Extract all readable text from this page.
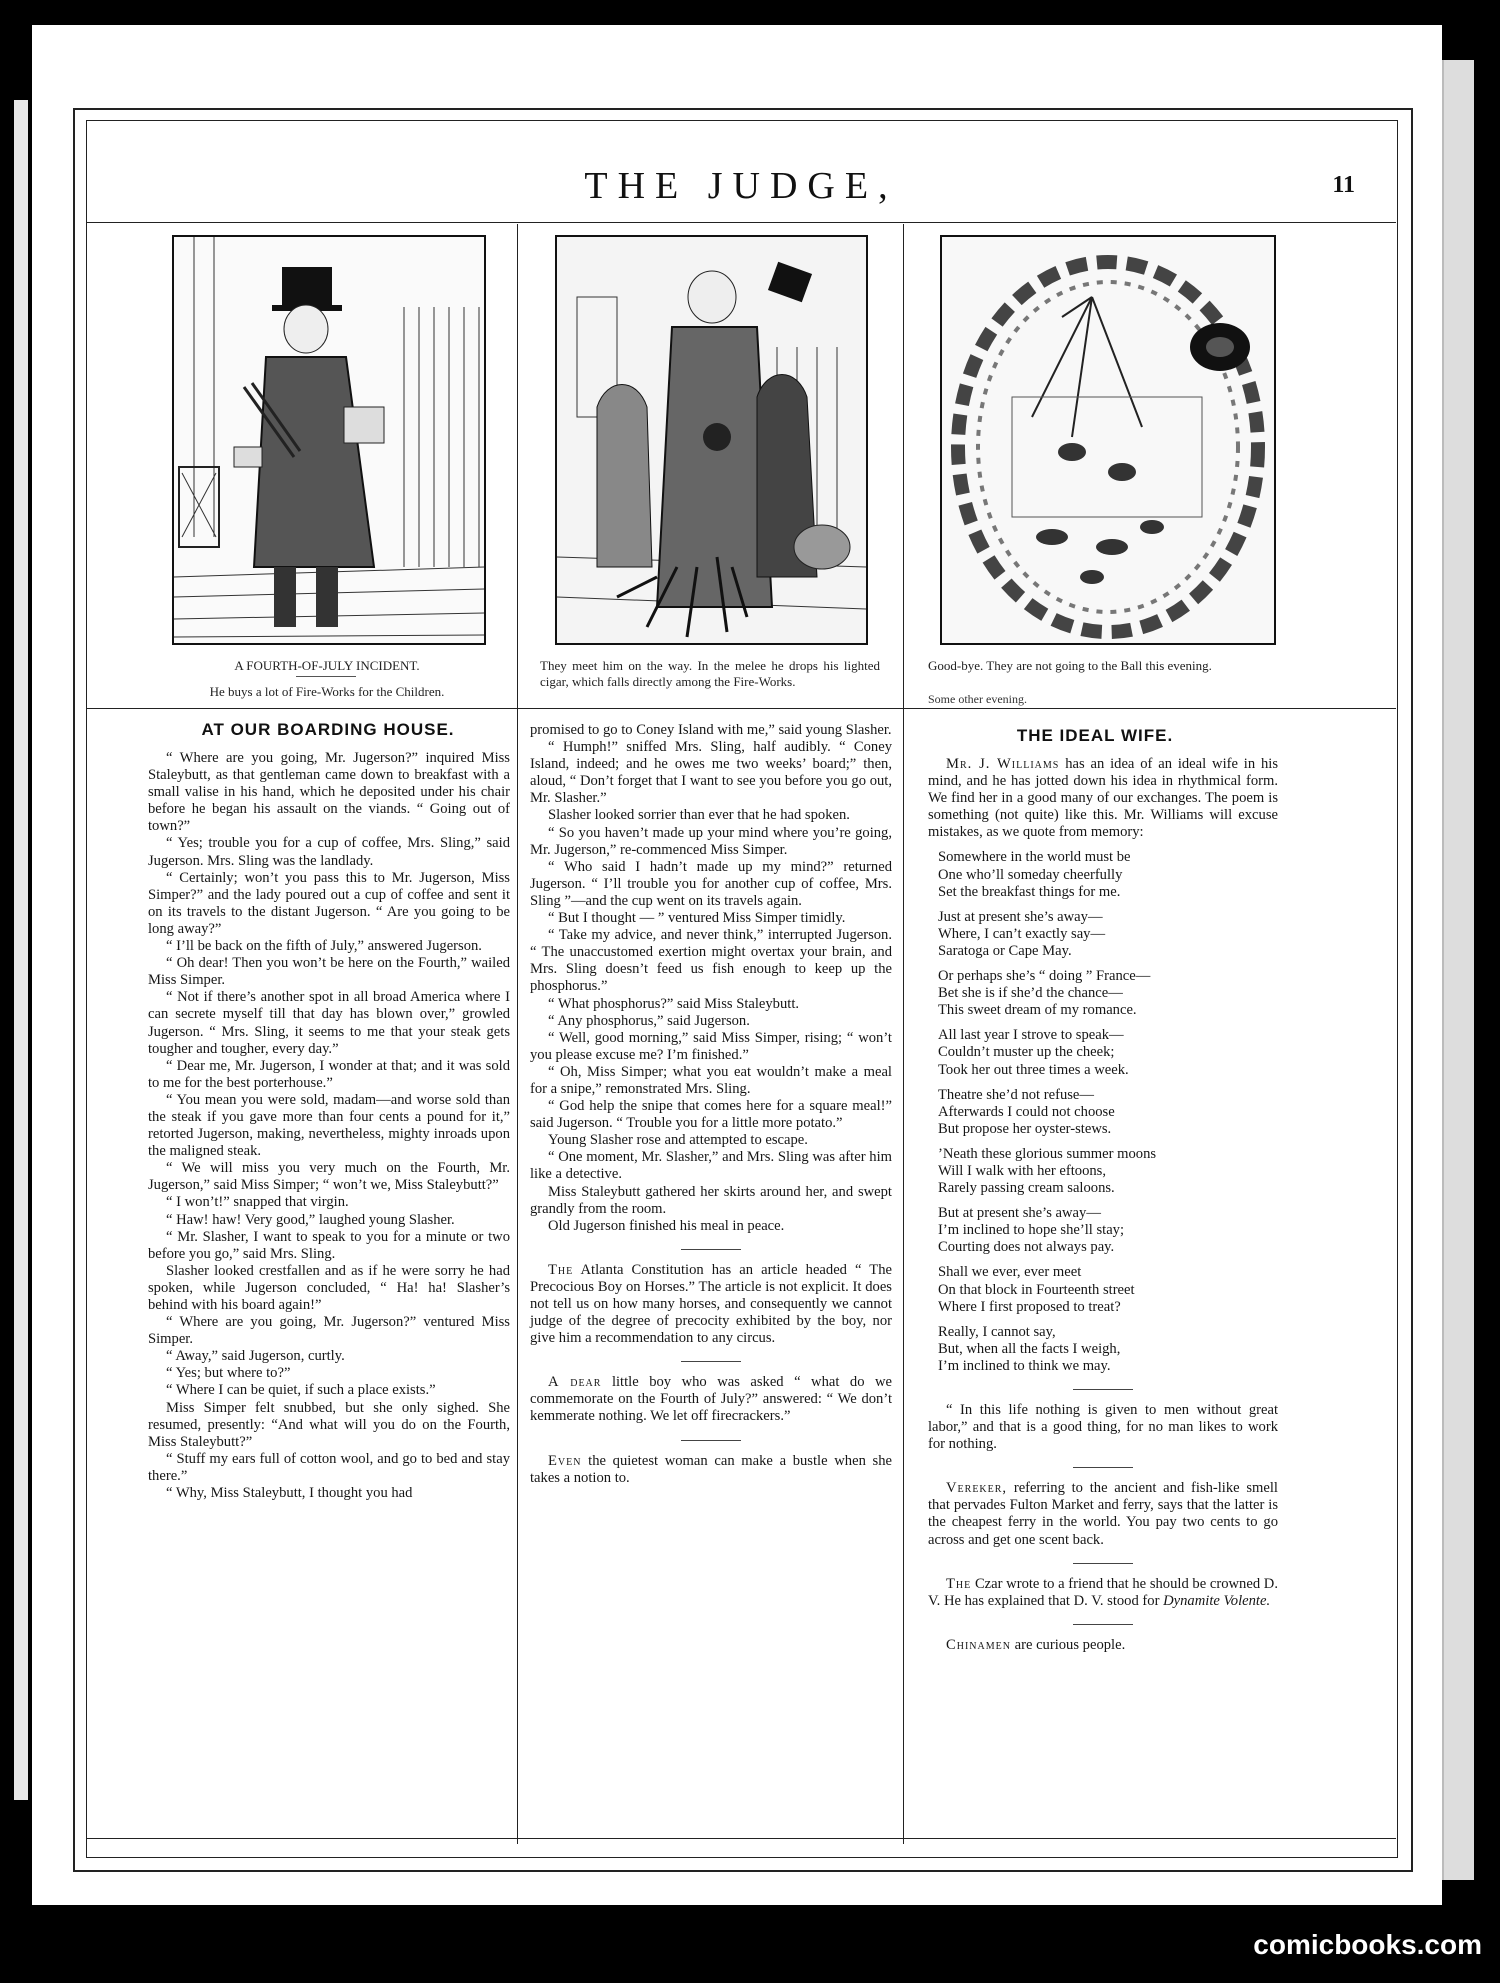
THE JUDGE,	11
A FOURTH-OF-JULY INCIDENT.
He buys a lot of Fire-Works for the Children.
They meet him on the way. In the melee he drops his lighted cigar, which falls directly among the Fire-Works.
Good-bye. They are not going to the Ball this evening.
Some other evening.
AT OUR BOARDING HOUSE.

“ Where are you going, Mr. Jugerson?” inquired Miss Staleybutt, as that gentleman came down to breakfast with a small valise in his hand, which he deposited under his chair before he began his assault on the viands. “ Going out of town?”

“ Yes; trouble you for a cup of coffee, Mrs. Sling,” said Jugerson. Mrs. Sling was the landlady.

“ Certainly; won’t you pass this to Mr. Jugerson, Miss Simper?” and the lady poured out a cup of coffee and sent it on its travels to the distant Jugerson. “ Are you going to be long away?”

“ I’ll be back on the fifth of July,” answered Jugerson.

“ Oh dear! Then you won’t be here on the Fourth,” wailed Miss Simper.

“ Not if there’s another spot in all broad America where I can secrete myself till that day has blown over,” growled Jugerson. “ Mrs. Sling, it seems to me that your steak gets tougher and tougher, every day.”

“ Dear me, Mr. Jugerson, I wonder at that; and it was sold to me for the best porterhouse.”

“ You mean you were sold, madam—and worse sold than the steak if you gave more than four cents a pound for it,” retorted Jugerson, making, nevertheless, mighty inroads upon the maligned steak.

“ We will miss you very much on the Fourth, Mr. Jugerson,” said Miss Simper; “ won’t we, Miss Staleybutt?”

“ I won’t!” snapped that virgin.

“ Haw! haw! Very good,” laughed young Slasher.

“ Mr. Slasher, I want to speak to you for a minute or two before you go,” said Mrs. Sling.

Slasher looked crestfallen and as if he were sorry he had spoken, while Jugerson concluded, “ Ha! ha! Slasher’s behind with his board again!”

“ Where are you going, Mr. Jugerson?” ventured Miss Simper.

“ Away,” said Jugerson, curtly.

“ Yes; but where to?”

“ Where I can be quiet, if such a place exists.”

Miss Simper felt snubbed, but she only sighed. She resumed, presently: “And what will you do on the Fourth, Miss Staleybutt?”

“ Stuff my ears full of cotton wool, and go to bed and stay there.”

“ Why, Miss Staleybutt, I thought you had

promised to go to Coney Island with me,” said young Slasher.

“ Humph!” sniffed Mrs. Sling, half audibly. “ Coney Island, indeed; and he owes me two weeks’ board;” then, aloud, “ Don’t forget that I want to see you before you go out, Mr. Slasher.”

Slasher looked sorrier than ever that he had spoken.

“ So you haven’t made up your mind where you’re going, Mr. Jugerson,” re-commenced Miss Simper.

“ Who said I hadn’t made up my mind?” returned Jugerson. “ I’ll trouble you for another cup of coffee, Mrs. Sling ”—and the cup went on its travels again.

“ But I thought — ” ventured Miss Simper timidly.

“ Take my advice, and never think,” interrupted Jugerson. “ The unaccustomed exertion might overtax your brain, and Mrs. Sling doesn’t feed us fish enough to keep up the phosphorus.”

“ What phosphorus?” said Miss Staleybutt.

“ Any phosphorus,” said Jugerson.

“ Well, good morning,” said Miss Simper, rising; “ won’t you please excuse me? I’m finished.”

“ Oh, Miss Simper; what you eat wouldn’t make a meal for a snipe,” remonstrated Mrs. Sling.

“ God help the snipe that comes here for a square meal!” said Jugerson. “ Trouble you for a little more potato.”

Young Slasher rose and attempted to escape.

“ One moment, Mr. Slasher,” and Mrs. Sling was after him like a detective.

Miss Staleybutt gathered her skirts around her, and swept grandly from the room.

Old Jugerson finished his meal in peace.

The Atlanta Constitution has an article headed “ The Precocious Boy on Horses.” The article is not explicit. It does not tell us on how many horses, and consequently we cannot judge of the degree of precocity exhibited by the boy, nor give him a recommendation to any circus.

A dear little boy who was asked “ what do we commemorate on the Fourth of July?” answered: “ We don’t kemmerate nothing. We let off firecrackers.”

Even the quietest woman can make a bustle when she takes a notion to.

THE IDEAL WIFE.

Mr. J. Williams has an idea of an ideal wife in his mind, and he has jotted down his idea in rhythmical form. We find her in a good many of our exchanges. The poem is something (not quite) like this. Mr. Williams will excuse mistakes, as we quote from memory:

Somewhere in the world must be
One who’ll someday cheerfully
Set the breakfast things for me.
Just at present she’s away—
Where, I can’t exactly say—
Saratoga or Cape May.
Or perhaps she’s “ doing ” France—
Bet she is if she’d the chance—
This sweet dream of my romance.
All last year I strove to speak—
Couldn’t muster up the cheek;
Took her out three times a week.
Theatre she’d not refuse—
Afterwards I could not choose
But propose her oyster-stews.
’Neath these glorious summer moons
Will I walk with her eftoons,
Rarely passing cream saloons.
But at present she’s away—
I’m inclined to hope she’ll stay;
Courting does not always pay.
Shall we ever, ever meet
On that block in Fourteenth street
Where I first proposed to treat?
Really, I cannot say,
But, when all the facts I weigh,
I’m inclined to think we may.

“ In this life nothing is given to men without great labor,” and that is a good thing, for no man likes to work for nothing.

Vereker, referring to the ancient and fish-like smell that pervades Fulton Market and ferry, says that the latter is the cheapest ferry in the world. You pay two cents to go across and get one scent back.

The Czar wrote to a friend that he should be crowned D. V. He has explained that D. V. stood for Dynamite Volente.

Chinamen are curious people.

comicbooks.com
